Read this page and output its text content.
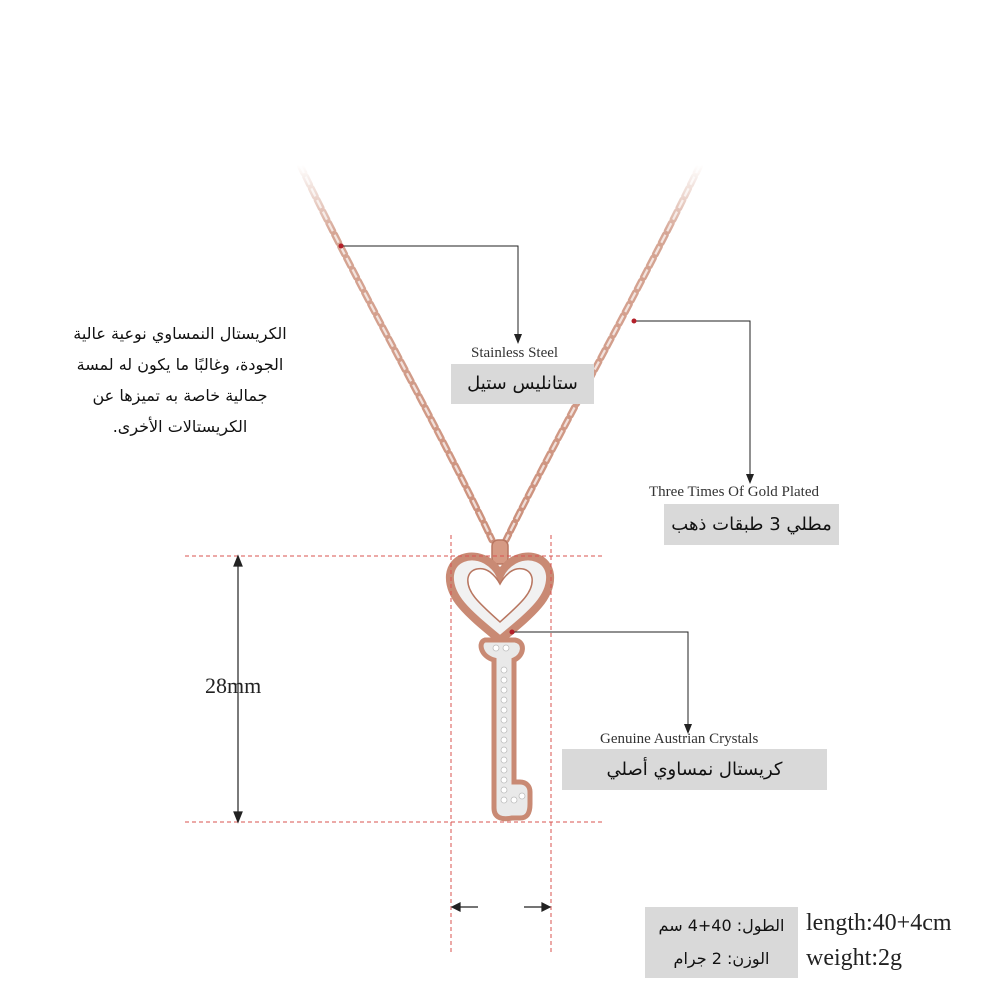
الكريستال النمساوي نوعية عالية الجودة، وغالبًا ما يكون له لمسة جمالية خاصة به تميزها عن الكريستالات الأخرى.
Stainless Steel
ستانليس ستيل
Three Times Of Gold Plated
مطلي 3 طبقات ذهب
Genuine Austrian Crystals
كريستال نمساوي أصلي
28mm
الطول: 40+4 سم length:40+4cm
الوزن: 2 جرام	weight:2g
